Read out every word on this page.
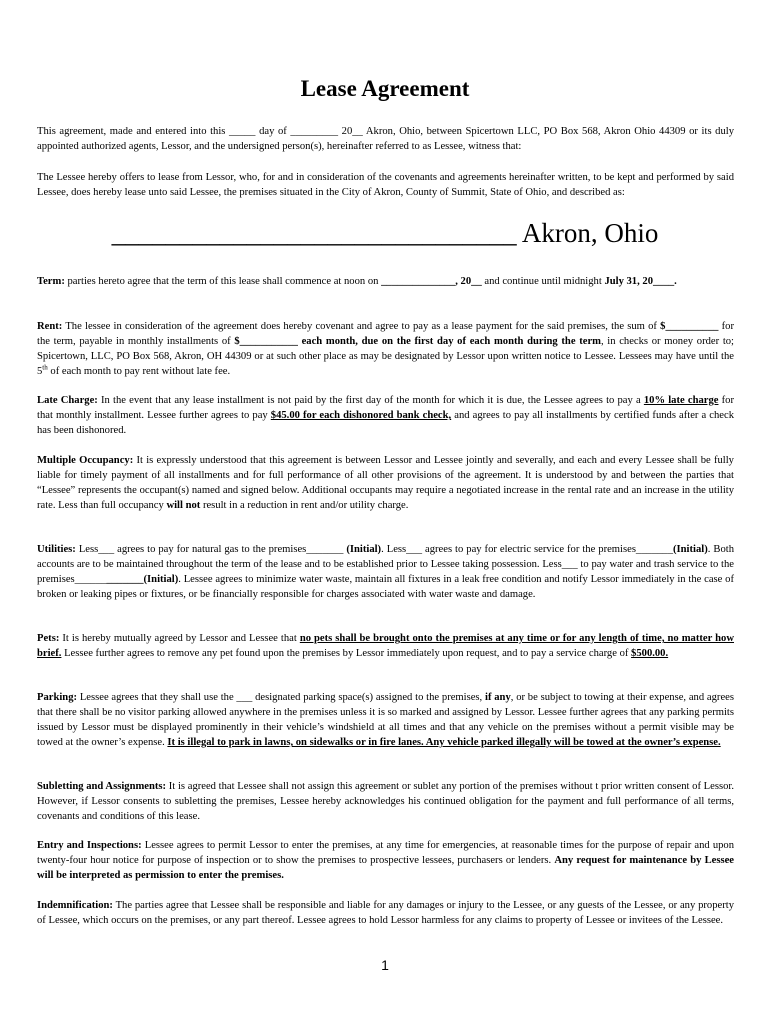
Lease Agreement
This agreement, made and entered into this _____ day of _________ 20__ Akron, Ohio, between Spicertown LLC, PO Box 568, Akron Ohio 44309 or its duly appointed authorized agents, Lessor, and the undersigned person(s), hereinafter referred to as Lessee, witness that:
The Lessee hereby offers to lease from Lessor, who, for and in consideration of the covenants and agreements hereinafter written, to be kept and performed by said Lessee, does hereby lease unto said Lessee, the premises situated in the City of Akron, County of Summit, State of Ohio, and described as:
______________________________ Akron, Ohio
Term: parties hereto agree that the term of this lease shall commence at noon on ______________, 20__ and continue until midnight July 31, 20____.
Rent: The lessee in consideration of the agreement does hereby covenant and agree to pay as a lease payment for the said premises, the sum of $__________ for the term, payable in monthly installments of $___________ each month, due on the first day of each month during the term, in checks or money order to; Spicertown, LLC, PO Box 568, Akron, OH 44309 or at such other place as may be designated by Lessor upon written notice to Lessee. Lessees may have until the 5th of each month to pay rent without late fee.
Late Charge: In the event that any lease installment is not paid by the first day of the month for which it is due, the Lessee agrees to pay a 10% late charge for that monthly installment. Lessee further agrees to pay $45.00 for each dishonored bank check, and agrees to pay all installments by certified funds after a check has been dishonored.
Multiple Occupancy: It is expressly understood that this agreement is between Lessor and Lessee jointly and severally, and each and every Lessee shall be fully liable for timely payment of all installments and for full performance of all other provisions of the agreement. It is understood by and between the parties that “Lessee” represents the occupant(s) named and signed below. Additional occupants may require a negotiated increase in the rental rate and an increase in the utility rate. Less than full occupancy will not result in a reduction in rent and/or utility charge.
Utilities: Less___ agrees to pay for natural gas to the premises_______ (Initial). Less___ agrees to pay for electric service for the premises_______(Initial). Both accounts are to be maintained throughout the term of the lease and to be established prior to Lessee taking possession. Less___ to pay water and trash service to the premises_____________(Initial). Lessee agrees to minimize water waste, maintain all fixtures in a leak free condition and notify Lessor immediately in the case of broken or leaking pipes or fixtures, or be financially responsible for charges associated with water waste and damage.
Pets: It is hereby mutually agreed by Lessor and Lessee that no pets shall be brought onto the premises at any time or for any length of time, no matter how brief. Lessee further agrees to remove any pet found upon the premises by Lessor immediately upon request, and to pay a service charge of $500.00.
Parking: Lessee agrees that they shall use the ___ designated parking space(s) assigned to the premises, if any, or be subject to towing at their expense, and agrees that there shall be no visitor parking allowed anywhere in the premises unless it is so marked and assigned by Lessor. Lessee further agrees that any parking permits issued by Lessor must be displayed prominently in their vehicle’s windshield at all times and that any vehicle on the premises without a permit visible may be towed at the owner’s expense. It is illegal to park in lawns, on sidewalks or in fire lanes. Any vehicle parked illegally will be towed at the owner’s expense.
Subletting and Assignments: It is agreed that Lessee shall not assign this agreement or sublet any portion of the premises without t prior written consent of Lessor. However, if Lessor consents to subletting the premises, Lessee hereby acknowledges his continued obligation for the payment and full performance of all terms, covenants and conditions of this lease.
Entry and Inspections: Lessee agrees to permit Lessor to enter the premises, at any time for emergencies, at reasonable times for the purpose of repair and upon twenty-four hour notice for purpose of inspection or to show the premises to prospective lessees, purchasers or lenders. Any request for maintenance by Lessee will be interpreted as permission to enter the premises.
Indemnification: The parties agree that Lessee shall be responsible and liable for any damages or injury to the Lessee, or any guests of the Lessee, or any property of Lessee, which occurs on the premises, or any part thereof. Lessee agrees to hold Lessor harmless for any claims to property of Lessee or invitees of the Lessee.
1
